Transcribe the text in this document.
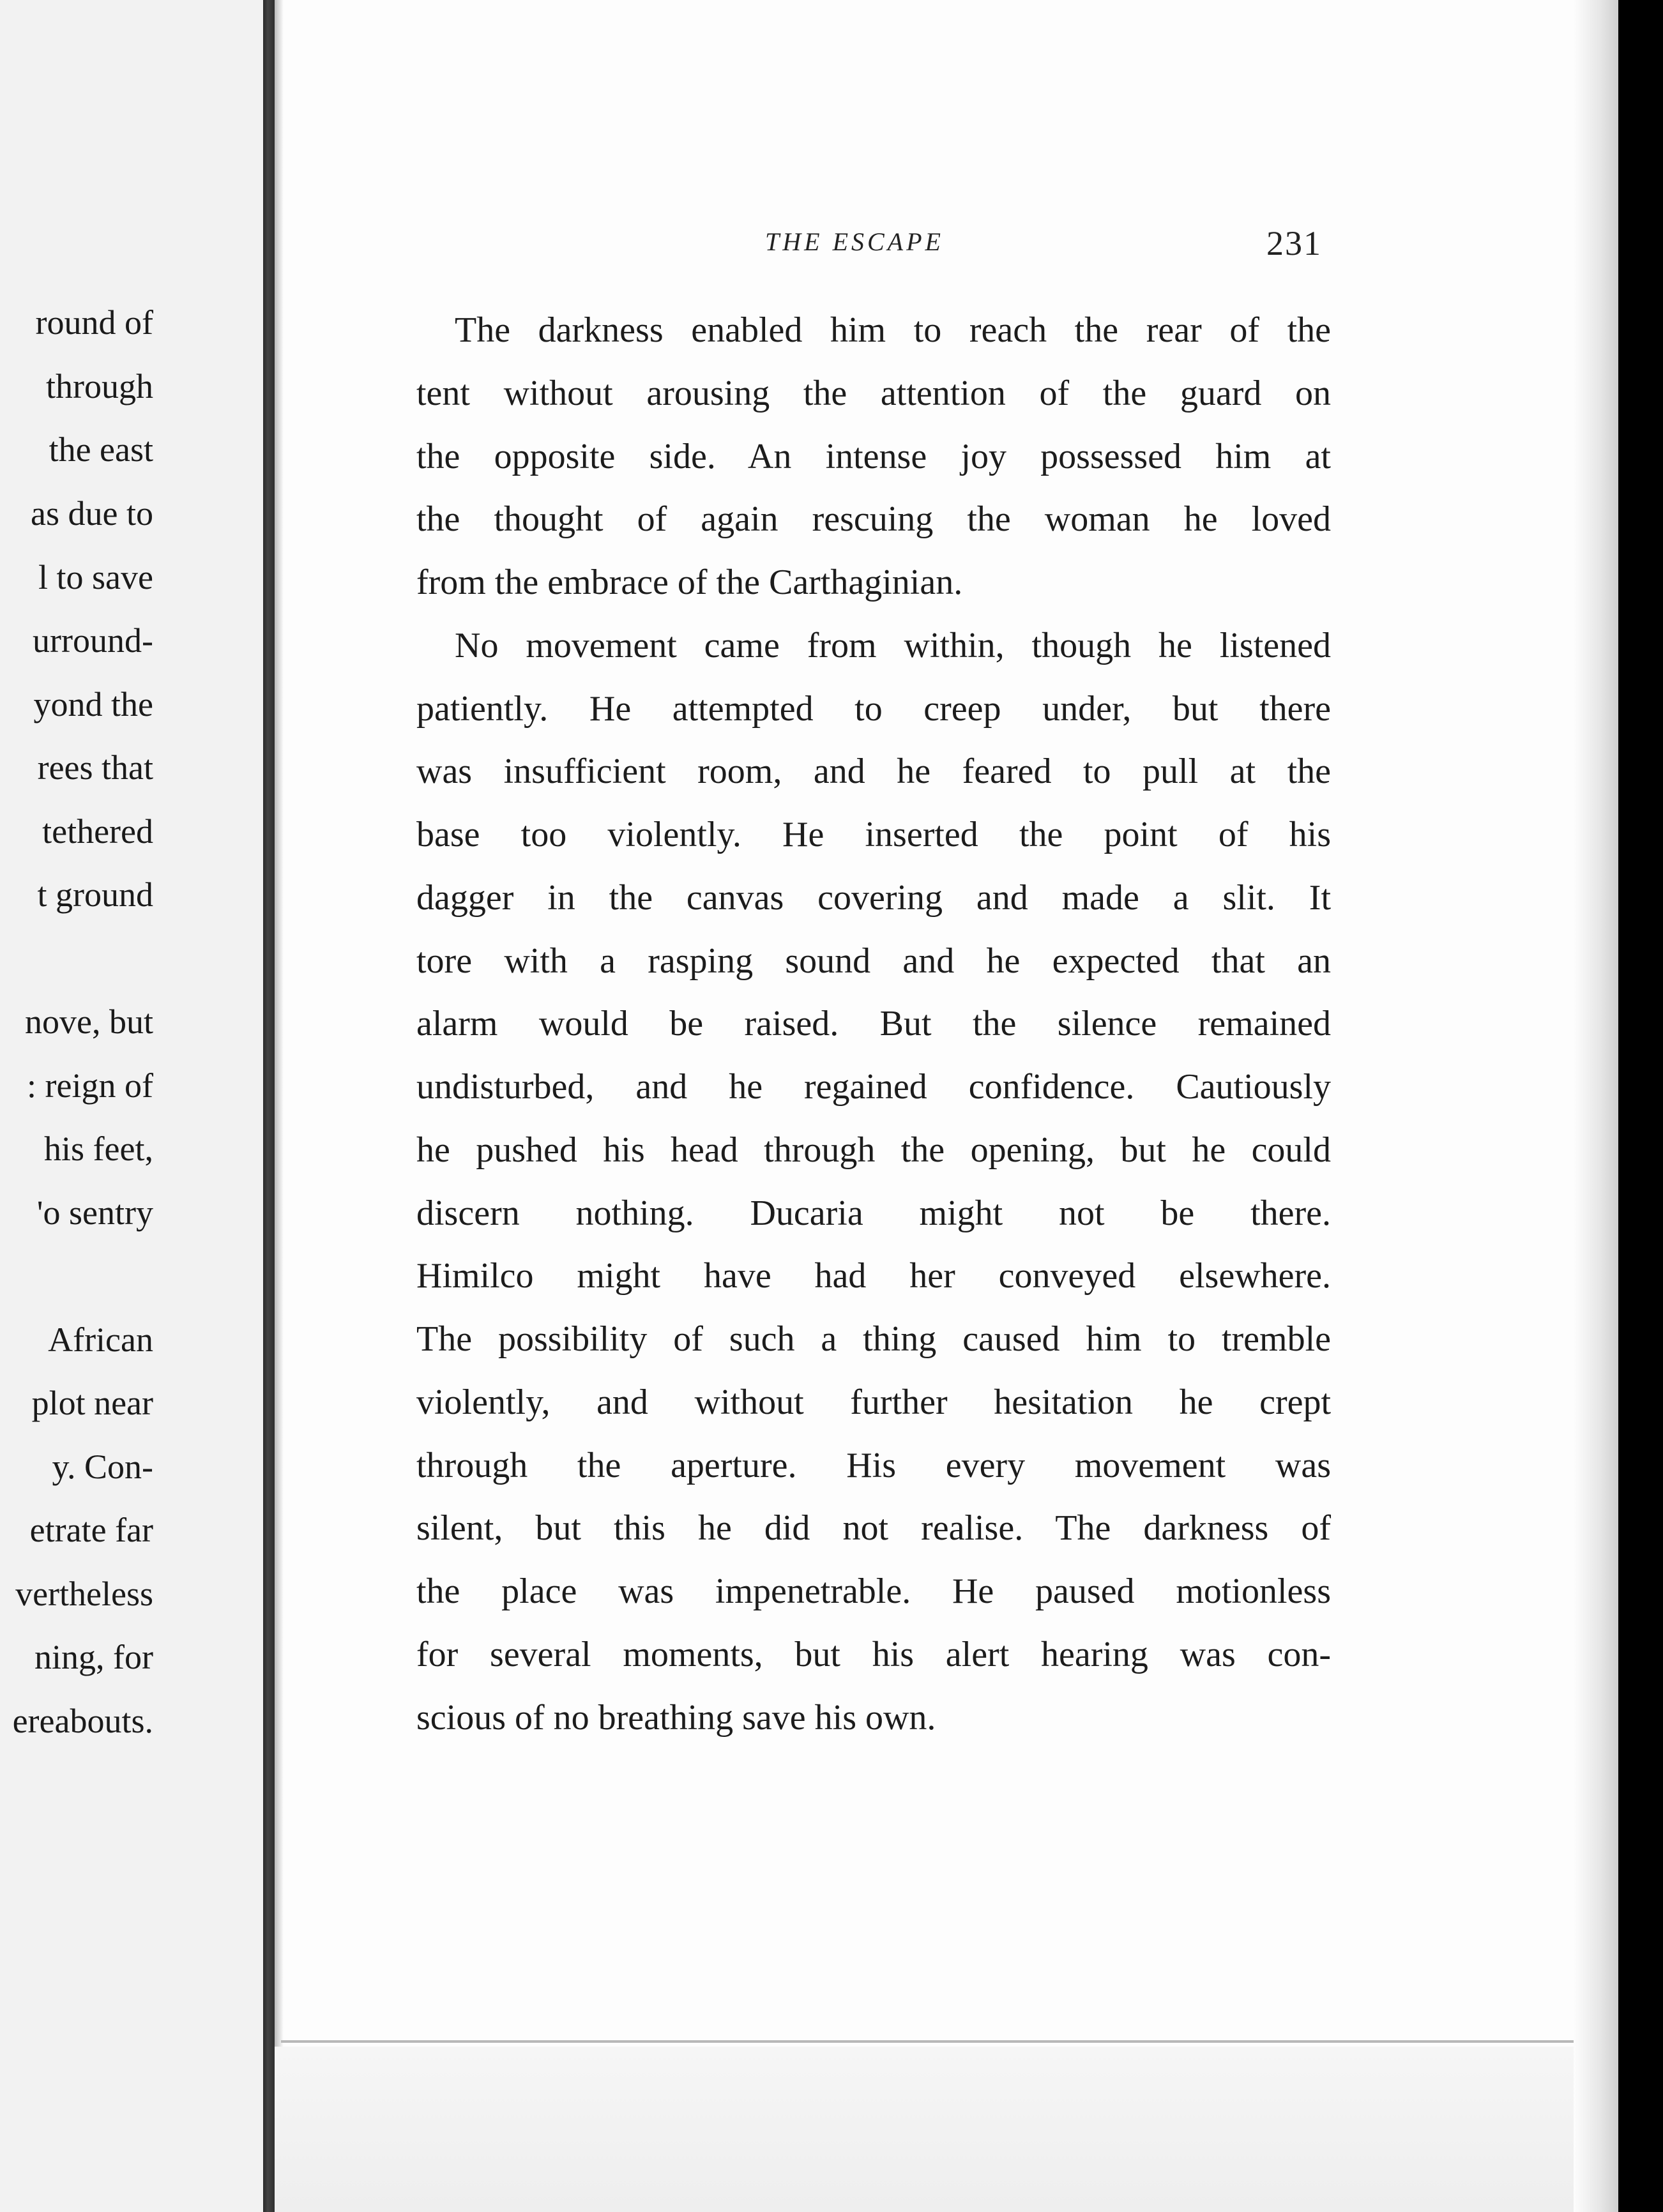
round of
through
the east
as due to
l to save
urround-
yond the
rees that
tethered
t ground
nove, but
: reign of
his feet,
'o sentry
African
plot near
y. Con-
etrate far
vertheless
ning, for
ereabouts.
THE ESCAPE	231
The darkness enabled him to reach the rear of the
tent without arousing the attention of the guard on
the opposite side. An intense joy possessed him at
the thought of again rescuing the woman he loved
from the embrace of the Carthaginian.
No movement came from within, though he listened
patiently. He attempted to creep under, but there
was insufficient room, and he feared to pull at the
base too violently. He inserted the point of his
dagger in the canvas covering and made a slit. It
tore with a rasping sound and he expected that an
alarm would be raised. But the silence remained
undisturbed, and he regained confidence. Cautiously
he pushed his head through the opening, but he could
discern nothing. Ducaria might not be there.
Himilco might have had her conveyed elsewhere.
The possibility of such a thing caused him to tremble
violently, and without further hesitation he crept
through the aperture. His every movement was
silent, but this he did not realise. The darkness of
the place was impenetrable. He paused motionless
for several moments, but his alert hearing was con-
scious of no breathing save his own.
